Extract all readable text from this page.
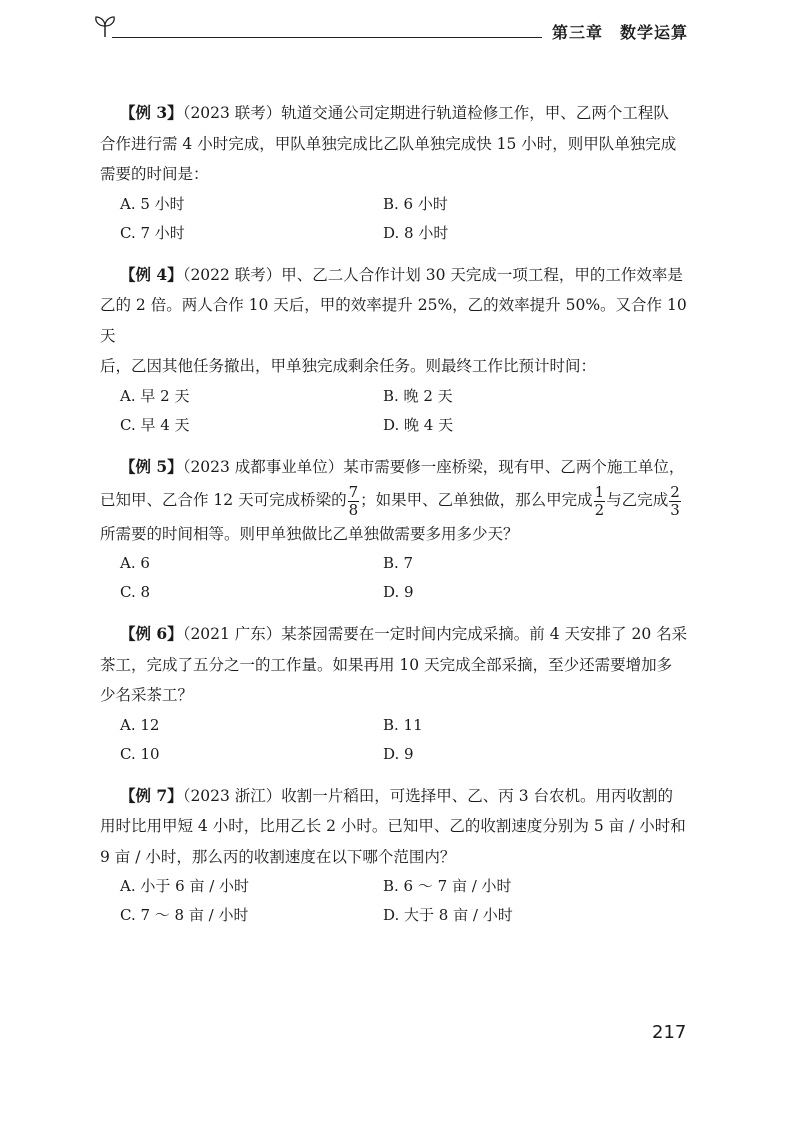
第三章　数学运算

【例 3】（2023 联考）轨道交通公司定期进行轨道检修工作，甲、乙两个工程队

合作进行需 4 小时完成，甲队单独完成比乙队单独完成快 15 小时，则甲队单独完成

需要的时间是：

A. 5 小时	B. 6 小时
C. 7 小时	D. 8 小时

【例 4】（2022 联考）甲、乙二人合作计划 30 天完成一项工程，甲的工作效率是

乙的 2 倍。两人合作 10 天后，甲的效率提升 25%，乙的效率提升 50%。又合作 10 天

后，乙因其他任务撤出，甲单独完成剩余任务。则最终工作比预计时间：

A. 早 2 天	B. 晚 2 天
C. 早 4 天	D. 晚 4 天

【例 5】（2023 成都事业单位）某市需要修一座桥梁，现有甲、乙两个施工单位，

已知甲、乙合作 12 天可完成桥梁的 $\frac{7}{8}$ ；如果甲、乙单独做，那么甲完成 $\frac{1}{2}$ 与乙完成 $\frac{2}{3}$

所需要的时间相等。则甲单独做比乙单独做需要多用多少天？

A. 6	B. 7
C. 8	D. 9

【例 6】（2021 广东）某茶园需要在一定时间内完成采摘。前 4 天安排了 20 名采

茶工，完成了五分之一的工作量。如果再用 10 天完成全部采摘，至少还需要增加多

少名采茶工？

A. 12	B. 11
C. 10	D. 9

【例 7】（2023 浙江）收割一片稻田，可选择甲、乙、丙 3 台农机。用丙收割的

用时比用甲短 4 小时，比用乙长 2 小时。已知甲、乙的收割速度分别为 5 亩 / 小时和

9 亩 / 小时，那么丙的收割速度在以下哪个范围内？

A. 小于 6 亩 / 小时	B. 6 ～ 7 亩 / 小时
C. 7 ～ 8 亩 / 小时	D. 大于 8 亩 / 小时
217
